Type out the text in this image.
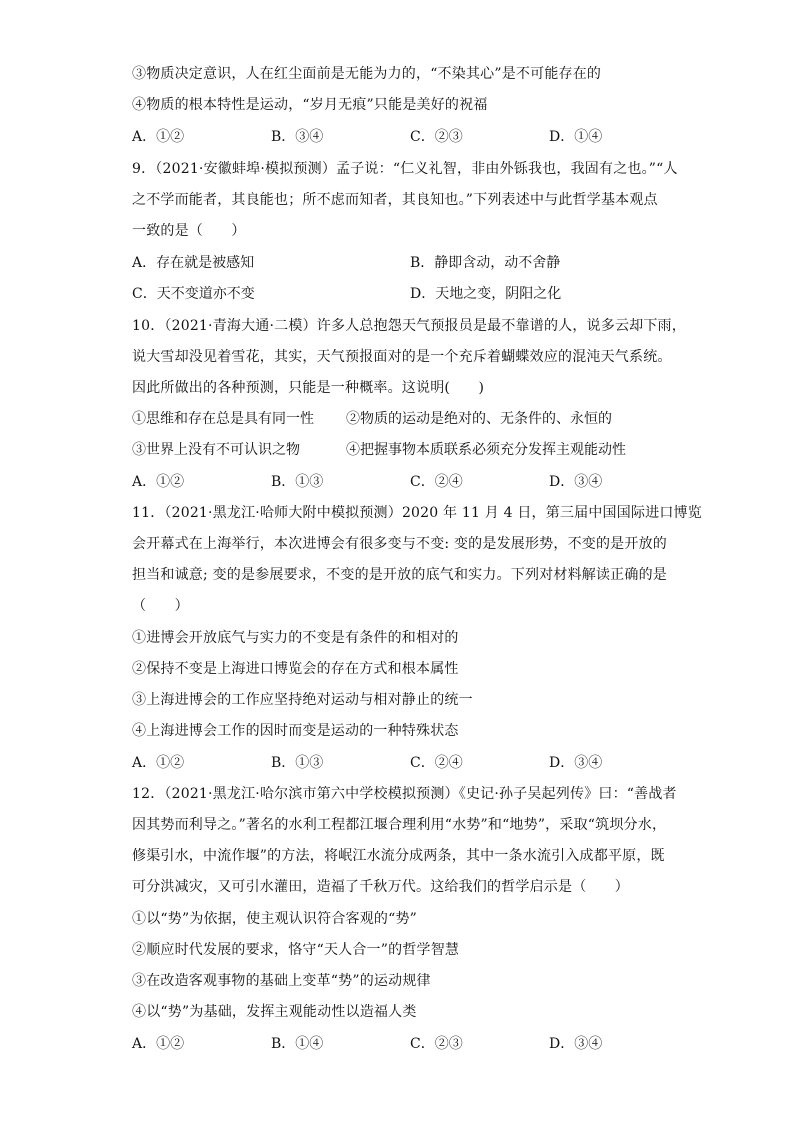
③物质决定意识，人在红尘面前是无能为力的，“不染其心”是不可能存在的
④物质的根本特性是运动，“岁月无痕”只能是美好的祝福
A．①②	B．③④	C．②③	D．①④
9．（2021·安徽蚌埠·模拟预测）孟子说：“仁义礼智，非由外铄我也，我固有之也。”“人
之不学而能者，其良能也；所不虑而知者，其良知也。”下列表述中与此哲学基本观点
一致的是（　　）
A．存在就是被感知	B．静即含动，动不舍静
C．天不变道亦不变	D．天地之变，阴阳之化
10．（2021·青海大通·二模）许多人总抱怨天气预报员是最不靠谱的人，说多云却下雨，
说大雪却没见着雪花，其实，天气预报面对的是一个充斥着蝴蝶效应的混沌天气系统。
因此所做出的各种预测，只能是一种概率。这说明(　　)
①思维和存在总是具有同一性 ②物质的运动是绝对的、无条件的、永恒的
③世界上没有不可认识之物	④把握事物本质联系必须充分发挥主观能动性
A．①②	B．①③	C．②④	D．③④
11．（2021·黑龙江·哈师大附中模拟预测）2020 年 11 月 4 日，第三届中国国际进口博览
会开幕式在上海举行，本次进博会有很多变与不变: 变的是发展形势，不变的是开放的
担当和诚意; 变的是参展要求，不变的是开放的底气和实力。下列对材料解读正确的是
（　　）
①进博会开放底气与实力的不变是有条件的和相对的
②保持不变是上海进口博览会的存在方式和根本属性
③上海进博会的工作应坚持绝对运动与相对静止的统一
④上海进博会工作的因时而变是运动的一种特殊状态
A．①②	B．①③	C．②④	D．③④
12．（2021·黑龙江·哈尔滨市第六中学校模拟预测）《史记·孙子吴起列传》曰：“善战者
因其势而利导之。”著名的水利工程都江堰合理利用“水势”和“地势”，采取“筑坝分水，
修渠引水，中流作堰”的方法，将岷江水流分成两条，其中一条水流引入成都平原，既
可分洪减灾，又可引水灌田，造福了千秋万代。这给我们的哲学启示是（　　）
①以“势”为依据，使主观认识符合客观的“势”
②顺应时代发展的要求，恪守“天人合一”的哲学智慧
③在改造客观事物的基础上变革“势”的运动规律
④以“势”为基础，发挥主观能动性以造福人类
A．①②	B．①④	C．②③	D．③④
